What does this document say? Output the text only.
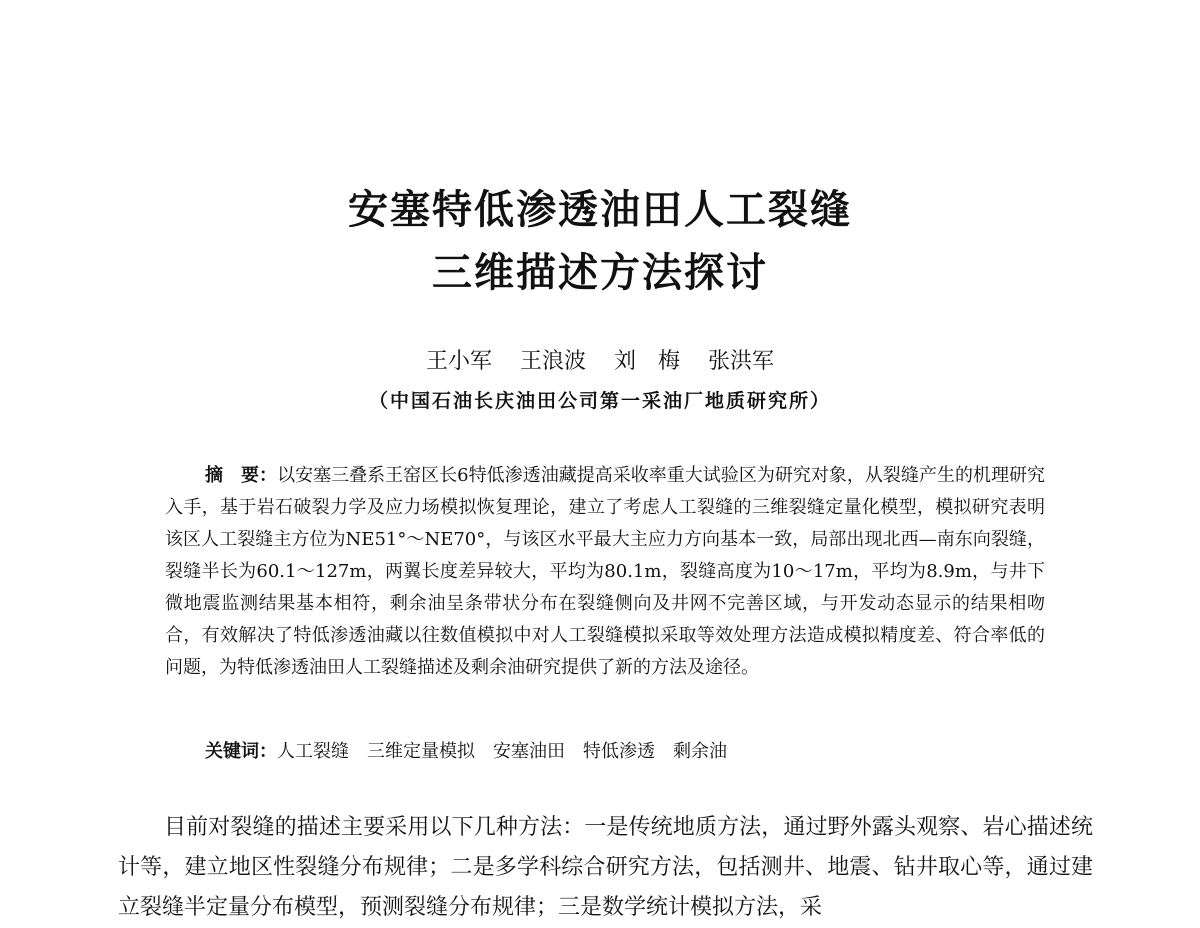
安塞特低渗透油田人工裂缝
三维描述方法探讨
王小军 王浪波 刘　梅 张洪军
（中国石油长庆油田公司第一采油厂地质研究所）

摘　要：以安塞三叠系王窑区长6特低渗透油藏提高采收率重大试验区为研究对象，从裂缝产生的机理研究入手，基于岩石破裂力学及应力场模拟恢复理论，建立了考虑人工裂缝的三维裂缝定量化模型，模拟研究表明该区人工裂缝主方位为NE51°～NE70°，与该区水平最大主应力方向基本一致，局部出现北西—南东向裂缝，裂缝半长为60.1～127m，两翼长度差异较大，平均为80.1m，裂缝高度为10～17m，平均为8.9m，与井下微地震监测结果基本相符，剩余油呈条带状分布在裂缝侧向及井网不完善区域，与开发动态显示的结果相吻合，有效解决了特低渗透油藏以往数值模拟中对人工裂缝模拟采取等效处理方法造成模拟精度差、符合率低的问题，为特低渗透油田人工裂缝描述及剩余油研究提供了新的方法及途径。

关键词：人工裂缝 三维定量模拟 安塞油田 特低渗透 剩余油

目前对裂缝的描述主要采用以下几种方法：一是传统地质方法，通过野外露头观察、岩心描述统计等，建立地区性裂缝分布规律；二是多学科综合研究方法，包括测井、地震、钻井取心等，通过建立裂缝半定量分布模型，预测裂缝分布规律；三是数学统计模拟方法，采
